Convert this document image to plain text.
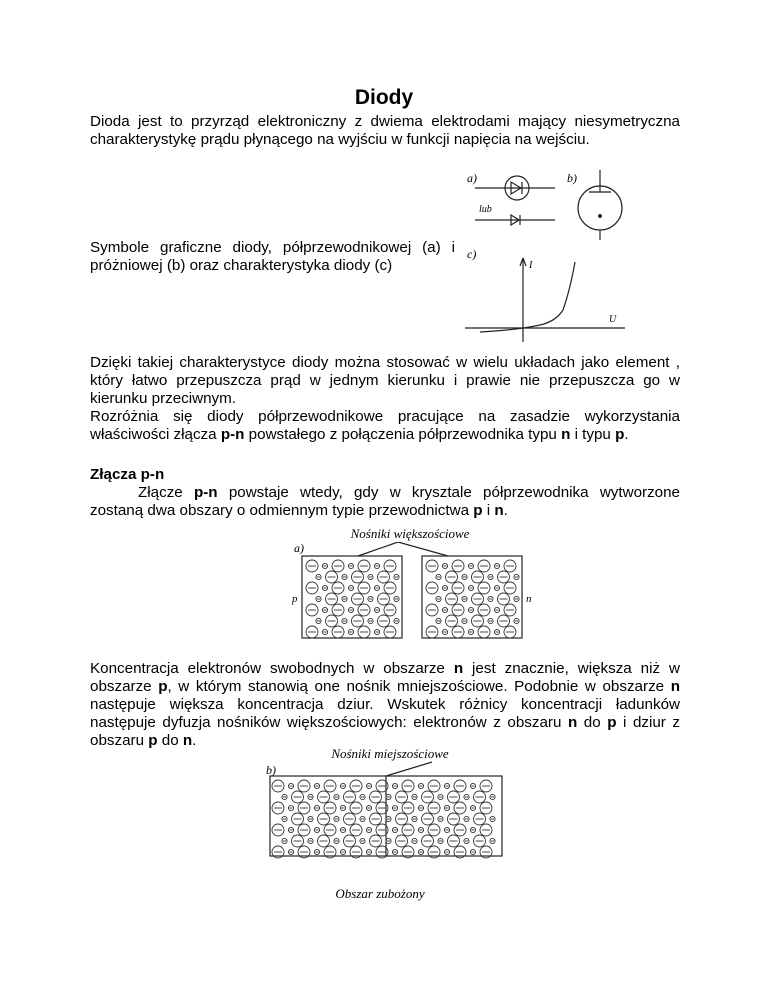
Diody

Dioda jest to przyrząd elektroniczny z dwiema elektrodami mający niesymetryczna charakterystykę prądu płynącego na wyjściu w funkcji napięcia na wejściu.

Symbole graficzne diody, półprzewodnikowej (a) i próżniowej (b) oraz charakterystyka diody (c)

a)	b)
lub
c)
I
U

Dzięki takiej charakterystyce diody można stosować w wielu układach jako element , który łatwo przepuszcza prąd w jednym kierunku i prawie nie przepuszcza go w kierunku przeciwnym.

Rozróżnia się diody półprzewodnikowe pracujące na zasadzie wykorzystania właściwości złącza p-n powstałego z połączenia półprzewodnika typu n i typu p.

Złącza p-n

Złącze p-n powstaje wtedy, gdy w krysztale półprzewodnika wytworzone zostaną dwa obszary o odmiennym typie przewodnictwa p i n.

Nośniki większościowe
a)
p	n

Koncentracja elektronów swobodnych w obszarze n jest znacznie, większa niż w obszarze p, w którym stanowią one nośnik mniejszościowe. Podobnie w obszarze n następuje większa koncentracja dziur. Wskutek różnicy koncentracji ładunków następuje dyfuzja nośników większościowych: elektronów z obszaru n do p i dziur z obszaru p do n.

Nośniki miejszościowe
b)
Obszar zubożony
